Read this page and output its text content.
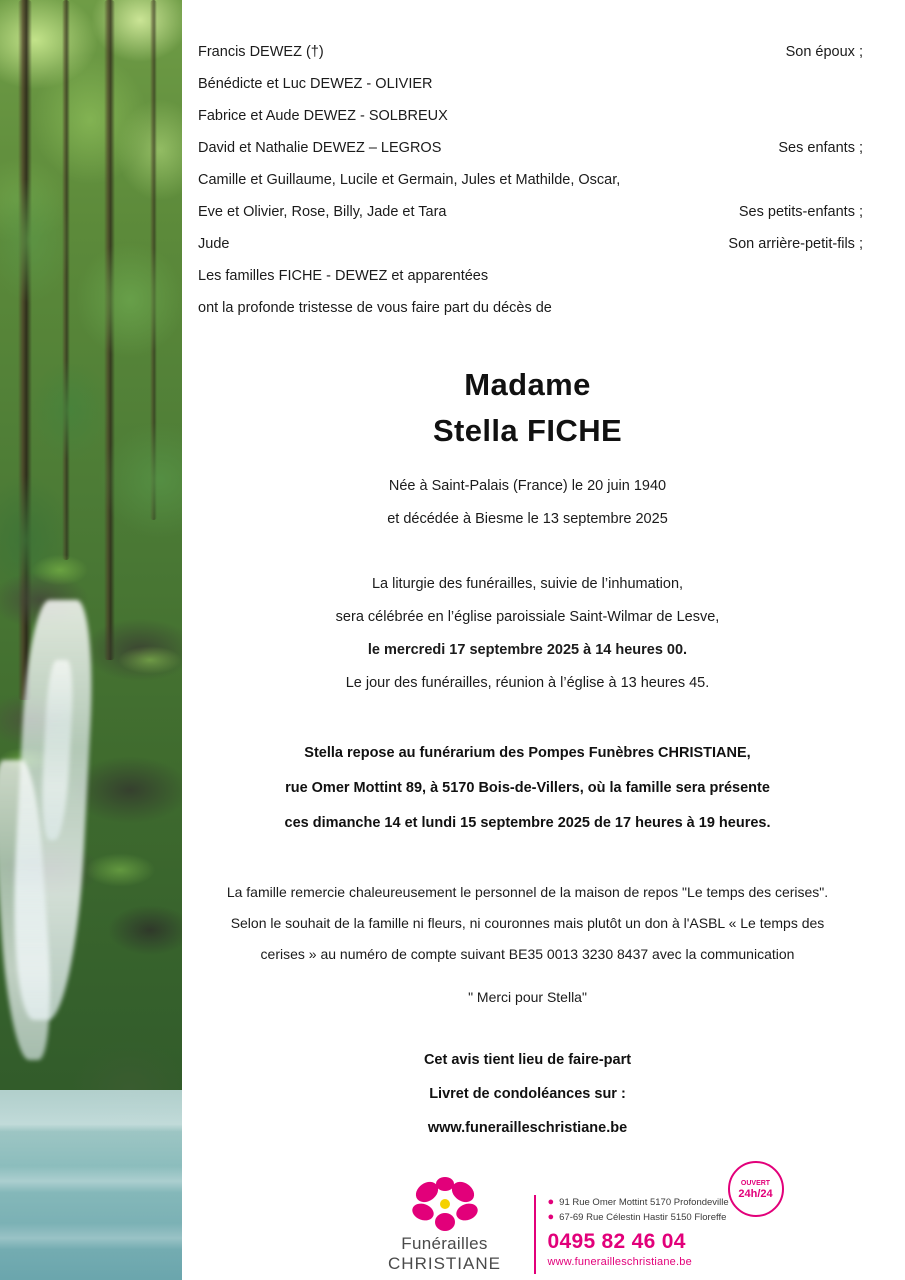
Francis DEWEZ (†)	Son époux ;
Bénédicte et Luc DEWEZ - OLIVIER
Fabrice et Aude DEWEZ - SOLBREUX
David et Nathalie DEWEZ – LEGROS	Ses enfants ;
Camille et Guillaume, Lucile et Germain, Jules et Mathilde, Oscar,
Eve et Olivier, Rose, Billy, Jade et Tara	Ses petits-enfants ;
Jude	Son arrière-petit-fils ;
Les familles FICHE - DEWEZ et apparentées
ont la profonde tristesse de vous faire part du décès de
Madame
Stella FICHE
Née à Saint-Palais (France) le 20 juin 1940
et décédée à Biesme le 13 septembre 2025
La liturgie des funérailles, suivie de l’inhumation,
sera célébrée en l’église paroissiale Saint-Wilmar de Lesve,
le mercredi 17 septembre 2025 à 14 heures 00.
Le jour des funérailles, réunion à l’église à 13 heures 45.
Stella repose au funérarium des Pompes Funèbres CHRISTIANE,
rue Omer Mottint 89, à 5170 Bois-de-Villers, où la famille sera présente
ces dimanche 14 et lundi 15 septembre 2025 de 17 heures à 19 heures.
La famille remercie chaleureusement le personnel de la maison de repos "Le temps des cerises".
Selon le souhait de la famille ni fleurs, ni couronnes mais plutôt un don à l'ASBL « Le temps des
cerises » au numéro de compte suivant BE35 0013 3230 8437 avec la communication
" Merci pour Stella"
Cet avis tient lieu de faire-part
Livret de condoléances sur :
www.funerailleschristiane.be
Funérailles
CHRISTIANE
OUVERT
24h/24
● 91 Rue Omer Mottint 5170 Profondeville
● 67-69 Rue Célestin Hastir 5150 Floreffe
0495 82 46 04
www.funerailleschristiane.be
